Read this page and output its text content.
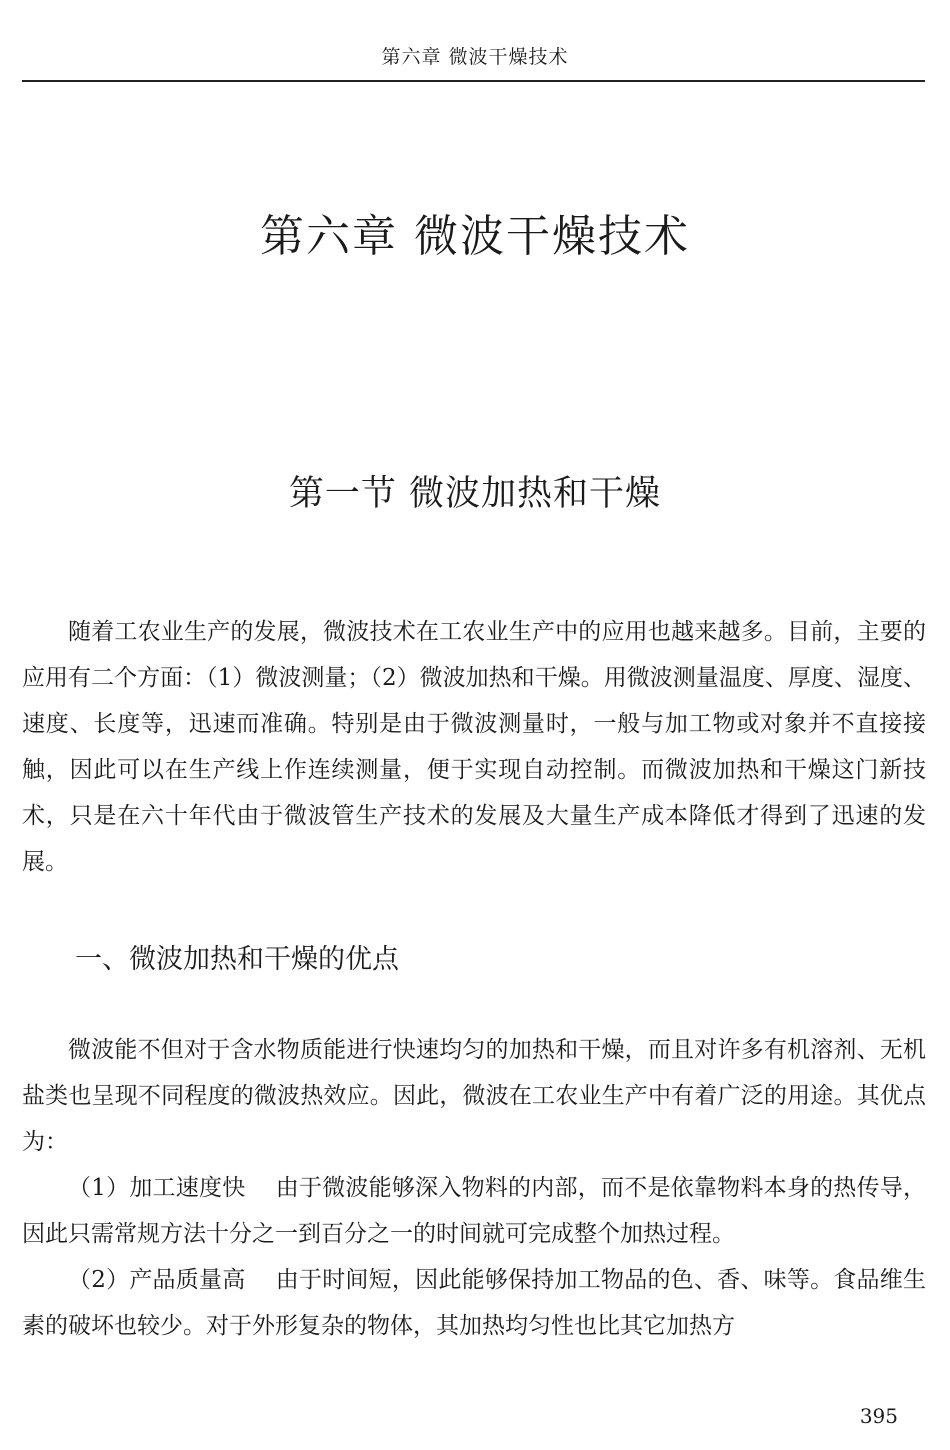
第六章 微波干燥技术
第六章 微波干燥技术
第一节 微波加热和干燥

随着工农业生产的发展，微波技术在工农业生产中的应用也越来越多。目前，主要的应用有二个方面：（1）微波测量；（2）微波加热和干燥。用微波测量温度、厚度、湿度、速度、长度等，迅速而准确。特别是由于微波测量时，一般与加工物或对象并不直接接触，因此可以在生产线上作连续测量，便于实现自动控制。而微波加热和干燥这门新技术，只是在六十年代由于微波管生产技术的发展及大量生产成本降低才得到了迅速的发展。

一、微波加热和干燥的优点

微波能不但对于含水物质能进行快速均匀的加热和干燥，而且对许多有机溶剂、无机盐类也呈现不同程度的微波热效应。因此，微波在工农业生产中有着广泛的用途。其优点为：

（1）加工速度快 由于微波能够深入物料的内部，而不是依靠物料本身的热传导，因此只需常规方法十分之一到百分之一的时间就可完成整个加热过程。

（2）产品质量高 由于时间短，因此能够保持加工物品的色、香、味等。食品维生素的破坏也较少。对于外形复杂的物体，其加热均匀性也比其它加热方

395
